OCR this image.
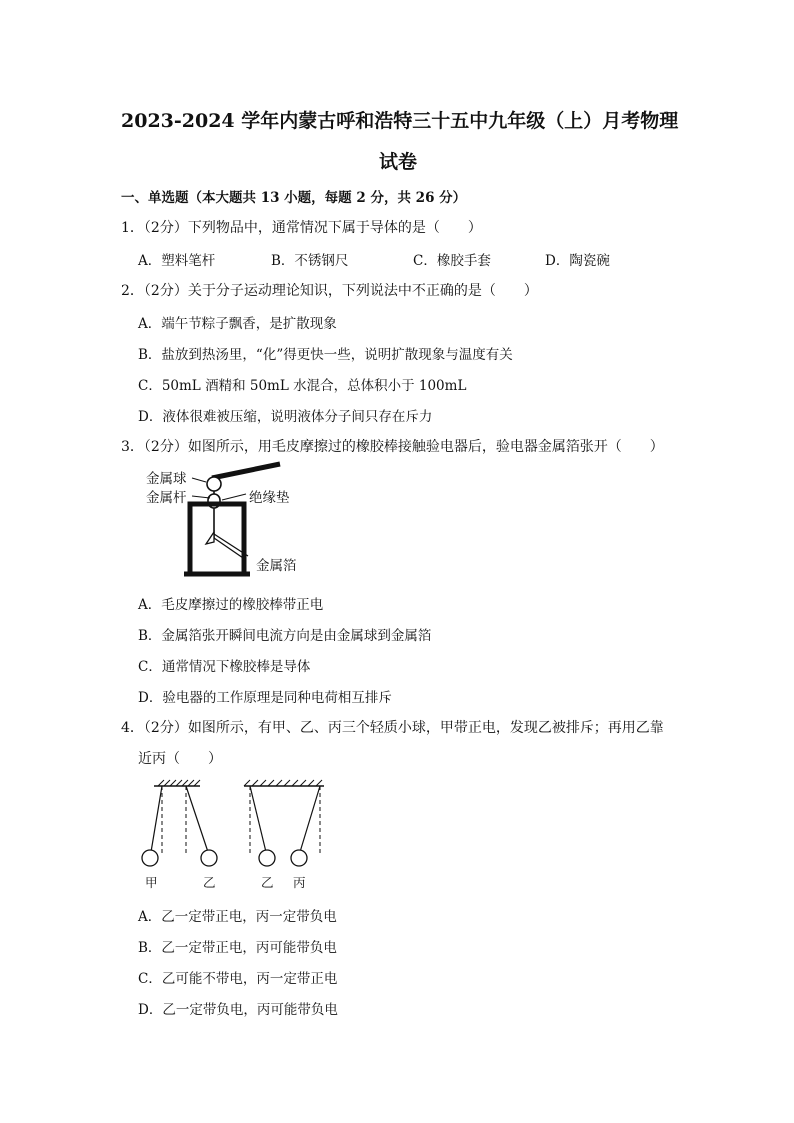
2023-2024 学年内蒙古呼和浩特三十五中九年级（上）月考物理
试卷
一、单选题（本大题共 13 小题，每题 2 分，共 26 分）
1．（2分）下列物品中，通常情况下属于导体的是（　　）
A．塑料笔杆	B．不锈钢尺	C．橡胶手套	D．陶瓷碗
2．（2分）关于分子运动理论知识，下列说法中不正确的是（　　）
A．端午节粽子飘香，是扩散现象
B．盐放到热汤里，“化”得更快一些，说明扩散现象与温度有关
C．50mL 酒精和 50mL 水混合，总体积小于 100mL
D．液体很难被压缩，说明液体分子间只存在斥力
3．（2分）如图所示，用毛皮摩擦过的橡胶棒接触验电器后，验电器金属箔张开（　　）
金属球
金属杆	绝缘垫
金属箔
A．毛皮摩擦过的橡胶棒带正电
B．金属箔张开瞬间电流方向是由金属球到金属箔
C．通常情况下橡胶棒是导体
D．验电器的工作原理是同种电荷相互排斥
4．（2分）如图所示，有甲、乙、丙三个轻质小球，甲带正电，发现乙被排斥；再用乙靠
近丙（　　）
甲	乙	乙 丙
A．乙一定带正电，丙一定带负电
B．乙一定带正电，丙可能带负电
C．乙可能不带电，丙一定带正电
D．乙一定带负电，丙可能带负电
